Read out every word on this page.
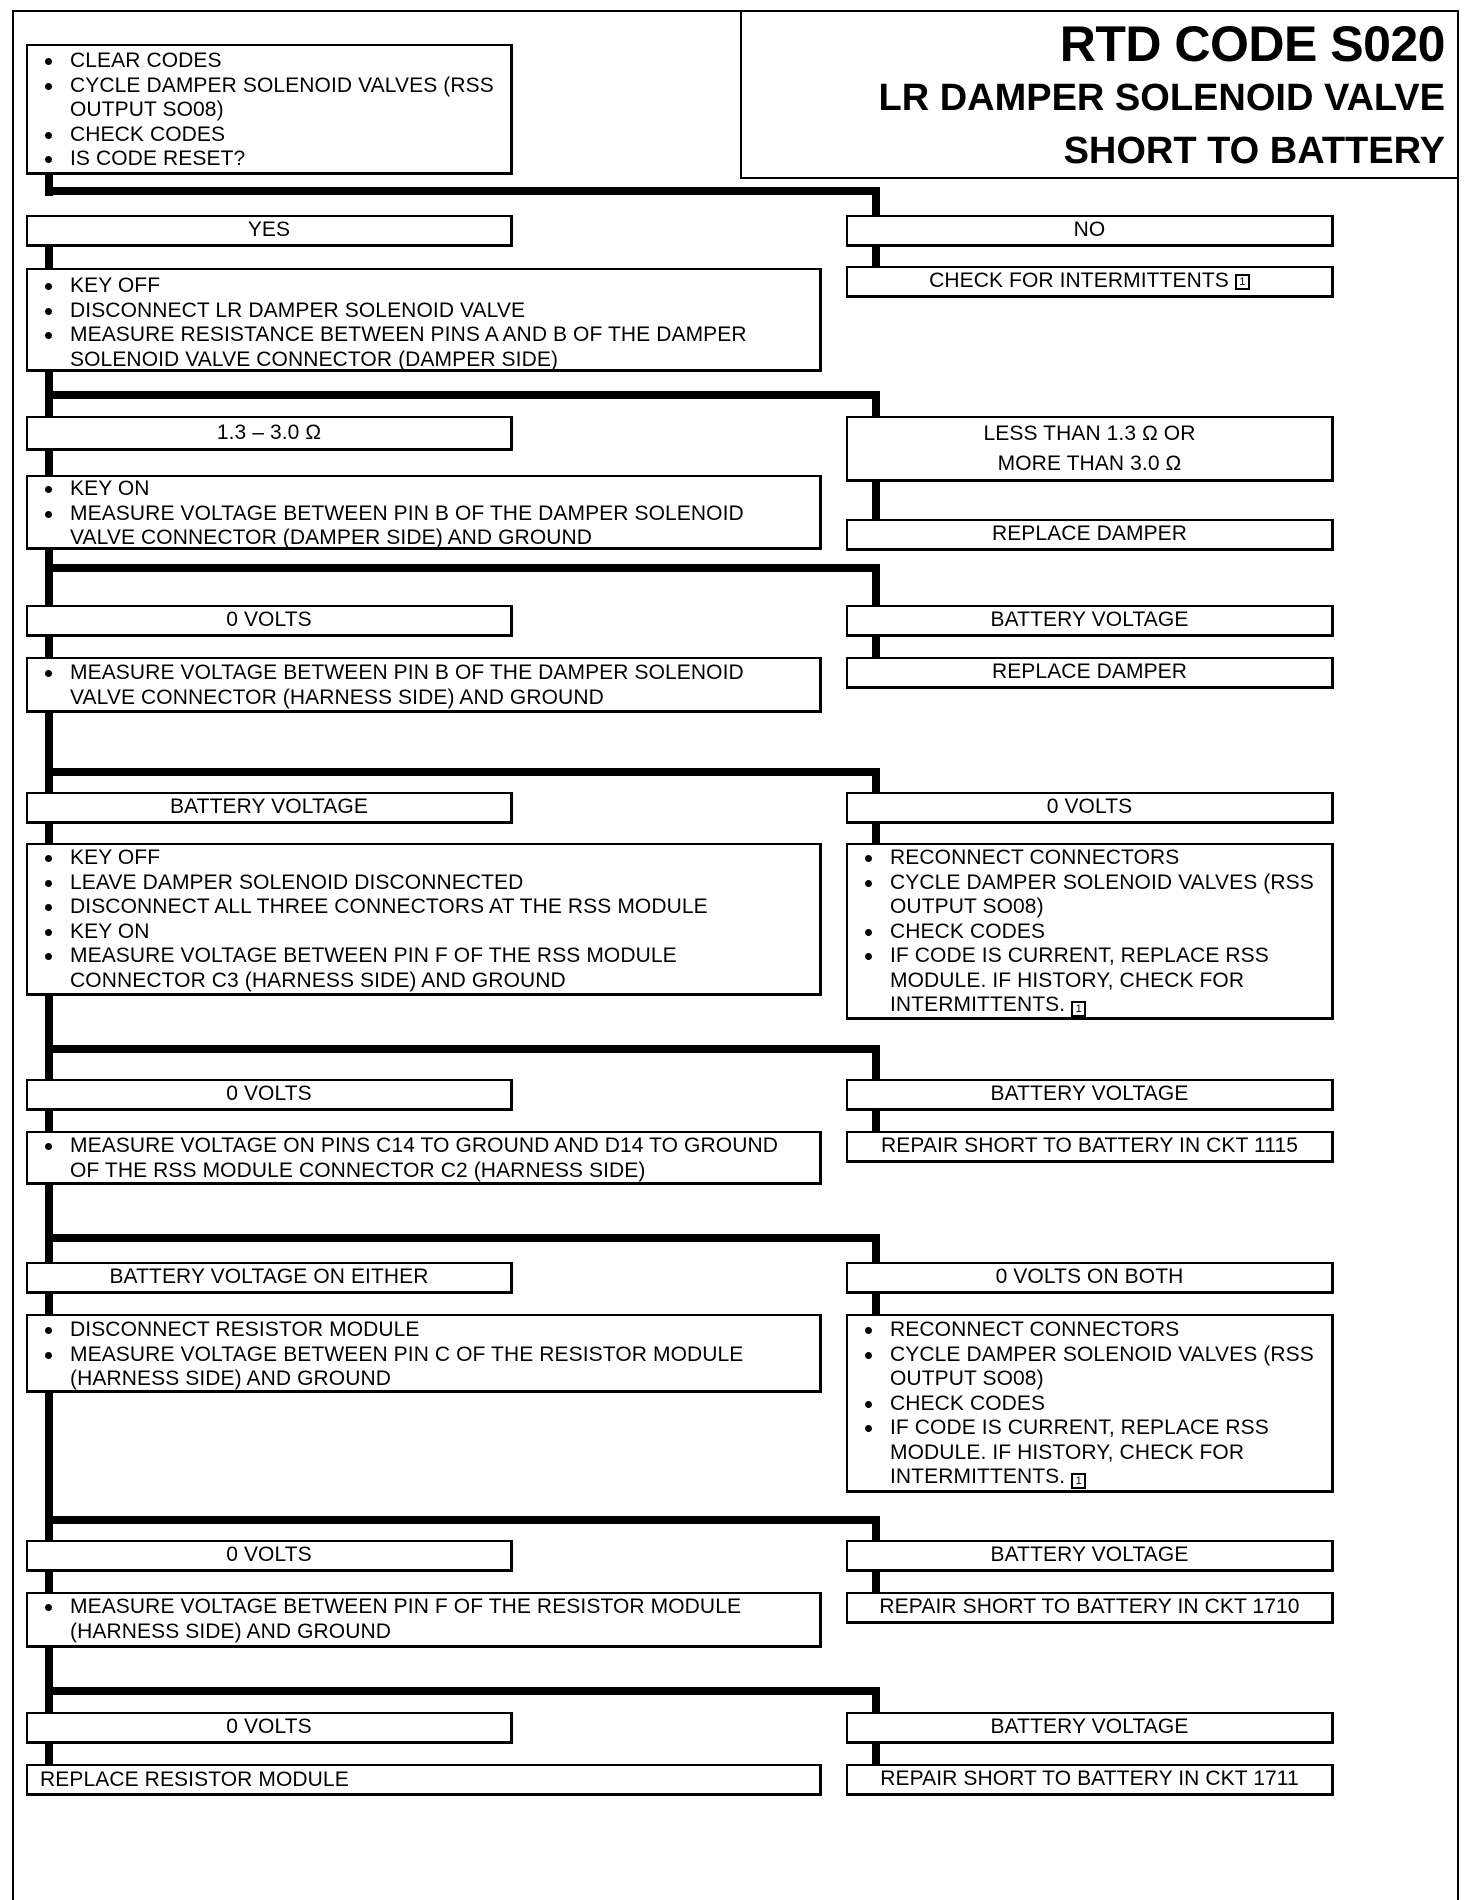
RTD CODE S020
LR DAMPER SOLENOID VALVE
SHORT TO BATTERY
CLEAR CODES
CYCLE DAMPER SOLENOID VALVES (RSS OUTPUT SO08)
CHECK CODES
IS CODE RESET?
YES	NO
CHECK FOR INTERMITTENTS 1
KEY OFF
DISCONNECT LR DAMPER SOLENOID VALVE
MEASURE RESISTANCE BETWEEN PINS A AND B OF THE DAMPER SOLENOID VALVE CONNECTOR (DAMPER SIDE)
1.3 – 3.0 Ω	LESS THAN 1.3 Ω OR
MORE THAN 3.0 Ω
REPLACE DAMPER
KEY ON
MEASURE VOLTAGE BETWEEN PIN B OF THE DAMPER SOLENOID VALVE CONNECTOR (DAMPER SIDE) AND GROUND
0 VOLTS	BATTERY VOLTAGE
REPLACE DAMPER
MEASURE VOLTAGE BETWEEN PIN B OF THE DAMPER SOLENOID VALVE CONNECTOR (HARNESS SIDE) AND GROUND
BATTERY VOLTAGE	0 VOLTS
KEY OFF
LEAVE DAMPER SOLENOID DISCONNECTED
DISCONNECT ALL THREE CONNECTORS AT THE RSS MODULE
KEY ON
MEASURE VOLTAGE BETWEEN PIN F OF THE RSS MODULE CONNECTOR C3 (HARNESS SIDE) AND GROUND
RECONNECT CONNECTORS
CYCLE DAMPER SOLENOID VALVES (RSS OUTPUT SO08)
CHECK CODES
IF CODE IS CURRENT, REPLACE RSS MODULE. IF HISTORY, CHECK FOR INTERMITTENTS. 1
0 VOLTS	BATTERY VOLTAGE
REPAIR SHORT TO BATTERY IN CKT 1115
MEASURE VOLTAGE ON PINS C14 TO GROUND AND D14 TO GROUND OF THE RSS MODULE CONNECTOR C2 (HARNESS SIDE)
BATTERY VOLTAGE ON EITHER	0 VOLTS ON BOTH
DISCONNECT RESISTOR MODULE
MEASURE VOLTAGE BETWEEN PIN C OF THE RESISTOR MODULE (HARNESS SIDE) AND GROUND
RECONNECT CONNECTORS
CYCLE DAMPER SOLENOID VALVES (RSS OUTPUT SO08)
CHECK CODES
IF CODE IS CURRENT, REPLACE RSS MODULE. IF HISTORY, CHECK FOR INTERMITTENTS. 1
0 VOLTS	BATTERY VOLTAGE
REPAIR SHORT TO BATTERY IN CKT 1710
MEASURE VOLTAGE BETWEEN PIN F OF THE RESISTOR MODULE (HARNESS SIDE) AND GROUND
0 VOLTS	BATTERY VOLTAGE
REPLACE RESISTOR MODULE	REPAIR SHORT TO BATTERY IN CKT 1711
